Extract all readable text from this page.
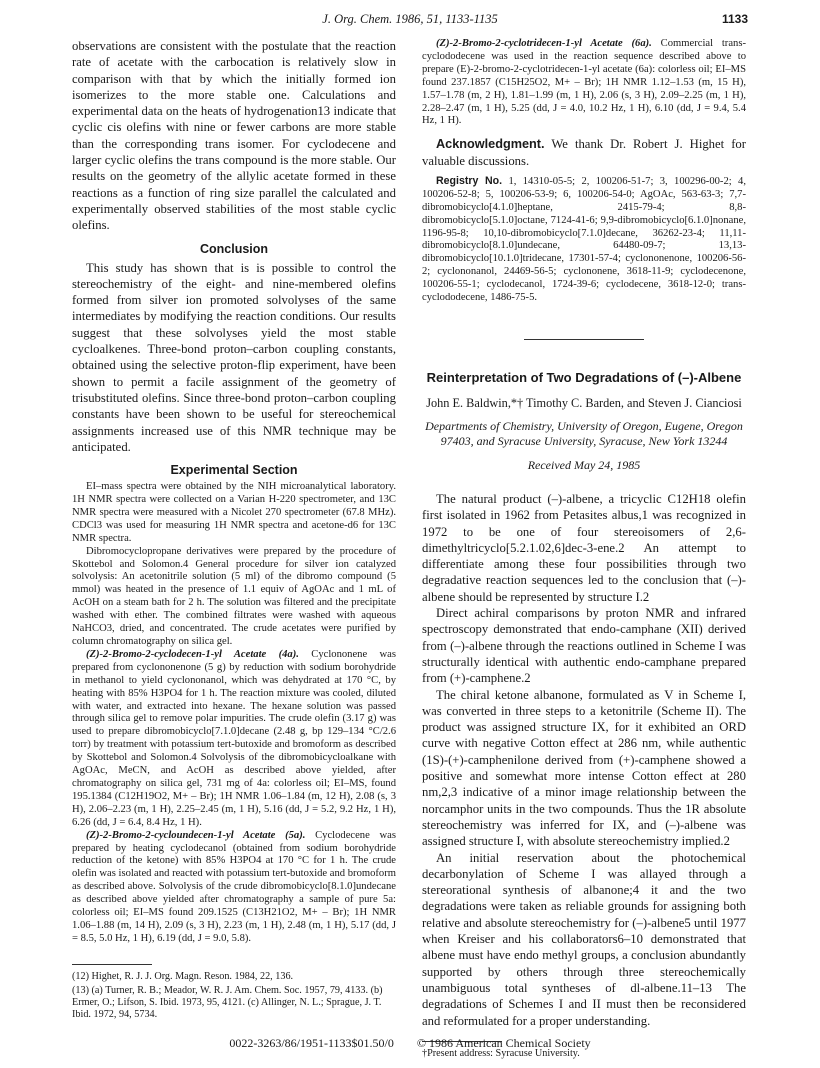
J. Org. Chem. 1986, 51, 1133-1135	1133

observations are consistent with the postulate that the reaction rate of acetate with the carbocation is relatively slow in comparison with that by which the initially formed ion isomerizes to the more stable one. Calculations and experimental data on the heats of hydrogenation13 indicate that cyclic cis olefins with nine or fewer carbons are more stable than the corresponding trans isomer. For cyclodecene and larger cyclic olefins the trans compound is the more stable. Our results on the geometry of the allylic acetate formed in these reactions as a function of ring size parallel the calculated and experimentally observed stabilities of the most stable cyclic olefins.

Conclusion

This study has shown that is is possible to control the stereochemistry of the eight- and nine-membered olefins formed from silver ion promoted solvolyses of the same intermediates by modifying the reaction conditions. Our results suggest that these solvolyses yield the most stable cycloalkenes. Three-bond proton–carbon coupling constants, obtained using the selective proton-flip experiment, have been shown to permit a facile assignment of the geometry of trisubstituted olefins. Since three-bond proton–carbon coupling constants have been shown to be useful for stereochemical assignments increased use of this NMR technique may be anticipated.

Experimental Section

EI–mass spectra were obtained by the NIH microanalytical laboratory. 1H NMR spectra were collected on a Varian H-220 spectrometer, and 13C NMR spectra were measured with a Nicolet 270 spectrometer (67.8 MHz). CDCl3 was used for measuring 1H NMR spectra and acetone-d6 for 13C NMR spectra.

Dibromocyclopropane derivatives were prepared by the procedure of Skottebol and Solomon.4 General procedure for silver ion catalyzed solvolysis: An acetonitrile solution (5 ml) of the dibromo compound (5 mmol) was heated in the presence of 1.1 equiv of AgOAc and 1 mL of AcOH on a steam bath for 2 h. The solution was filtered and the precipitate washed with ether. The combined filtrates were washed with aqueous NaHCO3, dried, and concentrated. The crude acetates were purified by column chromatography on silica gel.

(Z)-2-Bromo-2-cyclodecen-1-yl Acetate (4a). Cyclononene was prepared from cyclononenone (5 g) by reduction with sodium borohydride in methanol to yield cyclononanol, which was dehydrated at 170 °C, by heating with 85% H3PO4 for 1 h. The reaction mixture was cooled, diluted with water, and extracted into hexane. The hexane solution was passed through silica gel to remove polar impurities. The crude olefin (3.17 g) was used to prepare dibromobicyclo[7.1.0]decane (2.48 g, bp 129–134 °C/2.6 torr) by treatment with potassium tert-butoxide and bromoform as described by Skottebol and Solomon.4 Solvolysis of the dibromobicycloalkane with AgOAc, MeCN, and AcOH as described above yielded, after chromatography on silica gel, 731 mg of 4a: colorless oil; EI–MS, found 195.1384 (C12H19O2, M+ – Br); 1H NMR 1.06–1.84 (m, 12 H), 2.08 (s, 3 H), 2.06–2.23 (m, 1 H), 2.25–2.45 (m, 1 H), 5.16 (dd, J = 5.2, 9.2 Hz, 1 H), 6.26 (dd, J = 6.4, 8.4 Hz, 1 H).

(Z)-2-Bromo-2-cycloundecen-1-yl Acetate (5a). Cyclodecene was prepared by heating cyclodecanol (obtained from sodium borohydride reduction of the ketone) with 85% H3PO4 at 170 °C for 1 h. The crude olefin was isolated and reacted with potassium tert-butoxide and bromoform as described above. Solvolysis of the crude dibromobicyclo[8.1.0]undecane as described above yielded after chromatography a sample of pure 5a: colorless oil; EI–MS found 209.1525 (C13H21O2, M+ – Br); 1H NMR 1.06–1.88 (m, 14 H), 2.09 (s, 3 H), 2.23 (m, 1 H), 2.48 (m, 1 H), 5.17 (dd, J = 8.5, 5.0 Hz, 1 H), 6.19 (dd, J = 9.0, 5.8).

(12) Highet, R. J. J. Org. Magn. Reson. 1984, 22, 136.

(13) (a) Turner, R. B.; Meador, W. R. J. Am. Chem. Soc. 1957, 79, 4133. (b) Ermer, O.; Lifson, S. Ibid. 1973, 95, 4121. (c) Allinger, N. L.; Sprague, J. T. Ibid. 1972, 94, 5734.

(Z)-2-Bromo-2-cyclotridecen-1-yl Acetate (6a). Commercial trans-cyclododecene was used in the reaction sequence described above to prepare (E)-2-bromo-2-cyclotridecen-1-yl acetate (6a): colorless oil; EI–MS found 237.1857 (C15H25O2, M+ – Br); 1H NMR 1.12–1.53 (m, 15 H), 1.57–1.78 (m, 2 H), 1.81–1.99 (m, 1 H), 2.06 (s, 3 H), 2.09–2.25 (m, 1 H), 2.28–2.47 (m, 1 H), 5.25 (dd, J = 4.0, 10.2 Hz, 1 H), 6.10 (dd, J = 9.4, 5.4 Hz, 1 H).

Acknowledgment. We thank Dr. Robert J. Highet for valuable discussions.

Registry No. 1, 14310-05-5; 2, 100206-51-7; 3, 100296-00-2; 4, 100206-52-8; 5, 100206-53-9; 6, 100206-54-0; AgOAc, 563-63-3; 7,7-dibromobicyclo[4.1.0]heptane, 2415-79-4; 8,8-dibromobicyclo[5.1.0]octane, 7124-41-6; 9,9-dibromobicyclo[6.1.0]nonane, 1196-95-8; 10,10-dibromobicyclo[7.1.0]decane, 36262-23-4; 11,11-dibromobicyclo[8.1.0]undecane, 64480-09-7; 13,13-dibromobicyclo[10.1.0]tridecane, 17301-57-4; cyclononenone, 100206-56-2; cyclononanol, 24469-56-5; cyclononene, 3618-11-9; cyclodecenone, 100206-55-1; cyclodecanol, 1724-39-6; cyclodecene, 3618-12-0; trans-cyclododecene, 1486-75-5.

Reinterpretation of Two Degradations of (–)-Albene
John E. Baldwin,*† Timothy C. Barden, and Steven J. Cianciosi
Departments of Chemistry, University of Oregon, Eugene, Oregon 97403, and Syracuse University, Syracuse, New York 13244
Received May 24, 1985

The natural product (–)-albene, a tricyclic C12H18 olefin first isolated in 1962 from Petasites albus,1 was recognized in 1972 to be one of four stereoisomers of 2,6-dimethyltricyclo[5.2.1.02,6]dec-3-ene.2 An attempt to differentiate among these four possibilities through two degradative reaction sequences led to the conclusion that (–)-albene should be represented by structure I.2

Direct achiral comparisons by proton NMR and infrared spectroscopy demonstrated that endo-camphane (XII) derived from (–)-albene through the reactions outlined in Scheme I was structurally identical with authentic endo-camphane prepared from (+)-camphene.2

The chiral ketone albanone, formulated as V in Scheme I, was converted in three steps to a ketonitrile (Scheme II). The product was assigned structure IX, for it exhibited an ORD curve with negative Cotton effect at 286 nm, while authentic (1S)-(+)-camphenilone derived from (+)-camphene showed a positive and somewhat more intense Cotton effect at 280 nm,2,3 indicative of a minor image relationship between the norcamphor units in the two compounds. Thus the 1R absolute stereochemistry was inferred for IX, and (–)-albene was assigned structure I, with absolute stereochemistry implied.2

An initial reservation about the photochemical decarbonylation of Scheme I was allayed through a stereorational synthesis of albanone;4 it and the two degradations were taken as reliable grounds for assigning both relative and absolute stereochemistry for (–)-albene5 until 1977 when Kreiser and his collaborators6–10 demonstrated that albene must have endo methyl groups, a conclusion abundantly supported by others through three stereochemically unambiguous total syntheses of dl-albene.11–13 The degradations of Schemes I and II must then be reconsidered and reformulated for a proper understanding.

†Present address: Syracuse University.

0022-3263/86/1951-1133$01.50/0 © 1986 American Chemical Society
